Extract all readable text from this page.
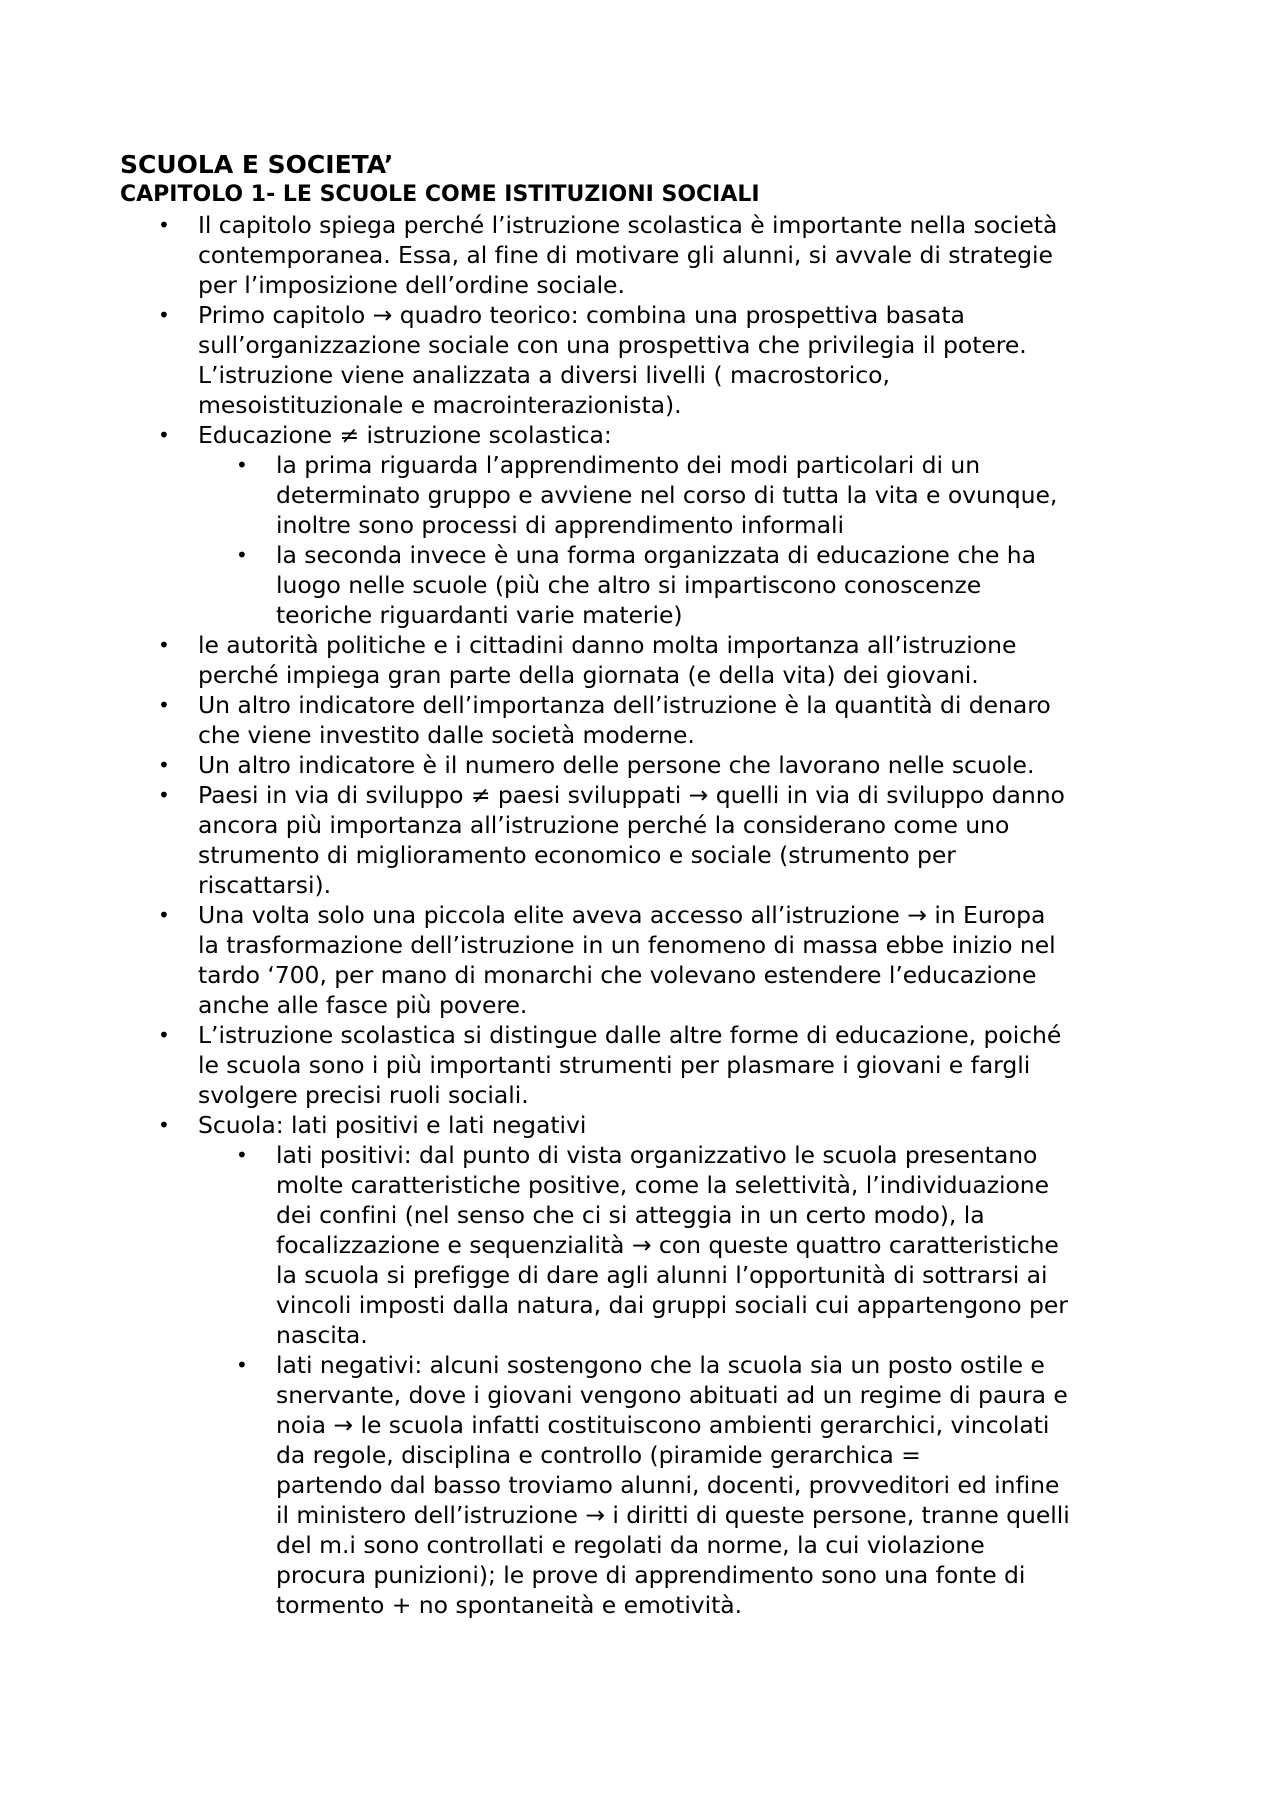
SCUOLA E SOCIETA’
CAPITOLO 1- LE SCUOLE COME ISTITUZIONI SOCIALI
• Il capitolo spiega perché l’istruzione scolastica è importante nella società
contemporanea. Essa, al fine di motivare gli alunni, si avvale di strategie
per l’imposizione dell’ordine sociale.
• Primo capitolo → quadro teorico: combina una prospettiva basata
sull’organizzazione sociale con una prospettiva che privilegia il potere.
L’istruzione viene analizzata a diversi livelli ( macrostorico,
mesoistituzionale e macrointerazionista).
• Educazione ≠ istruzione scolastica:
• la prima riguarda l’apprendimento dei modi particolari di un
determinato gruppo e avviene nel corso di tutta la vita e ovunque,
inoltre sono processi di apprendimento informali
• la seconda invece è una forma organizzata di educazione che ha
luogo nelle scuole (più che altro si impartiscono conoscenze
teoriche riguardanti varie materie)
• le autorità politiche e i cittadini danno molta importanza all’istruzione
perché impiega gran parte della giornata (e della vita) dei giovani.
• Un altro indicatore dell’importanza dell’istruzione è la quantità di denaro
che viene investito dalle società moderne.
• Un altro indicatore è il numero delle persone che lavorano nelle scuole.
• Paesi in via di sviluppo ≠ paesi sviluppati → quelli in via di sviluppo danno
ancora più importanza all’istruzione perché la considerano come uno
strumento di miglioramento economico e sociale (strumento per
riscattarsi).
• Una volta solo una piccola elite aveva accesso all’istruzione → in Europa
la trasformazione dell’istruzione in un fenomeno di massa ebbe inizio nel
tardo ‘700, per mano di monarchi che volevano estendere l’educazione
anche alle fasce più povere.
• L’istruzione scolastica si distingue dalle altre forme di educazione, poiché
le scuola sono i più importanti strumenti per plasmare i giovani e fargli
svolgere precisi ruoli sociali.
• Scuola: lati positivi e lati negativi
• lati positivi: dal punto di vista organizzativo le scuola presentano
molte caratteristiche positive, come la selettività, l’individuazione
dei confini (nel senso che ci si atteggia in un certo modo), la
focalizzazione e sequenzialità → con queste quattro caratteristiche
la scuola si prefigge di dare agli alunni l’opportunità di sottrarsi ai
vincoli imposti dalla natura, dai gruppi sociali cui appartengono per
nascita.
• lati negativi: alcuni sostengono che la scuola sia un posto ostile e
snervante, dove i giovani vengono abituati ad un regime di paura e
noia → le scuola infatti costituiscono ambienti gerarchici, vincolati
da regole, disciplina e controllo (piramide gerarchica =
partendo dal basso troviamo alunni, docenti, provveditori ed infine
il ministero dell’istruzione → i diritti di queste persone, tranne quelli
del m.i sono controllati e regolati da norme, la cui violazione
procura punizioni); le prove di apprendimento sono una fonte di
tormento + no spontaneità e emotività.
